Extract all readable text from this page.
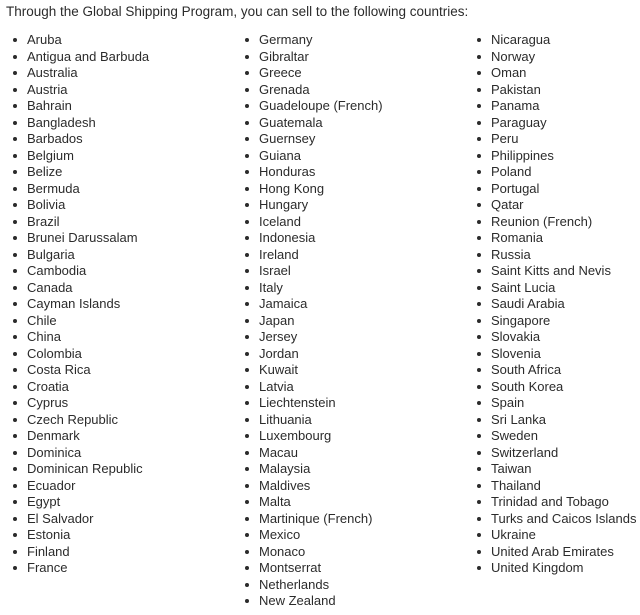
Through the Global Shipping Program, you can sell to the following countries:

Aruba
Antigua and Barbuda
Australia
Austria
Bahrain
Bangladesh
Barbados
Belgium
Belize
Bermuda
Bolivia
Brazil
Brunei Darussalam
Bulgaria
Cambodia
Canada
Cayman Islands
Chile
China
Colombia
Costa Rica
Croatia
Cyprus
Czech Republic
Denmark
Dominica
Dominican Republic
Ecuador
Egypt
El Salvador
Estonia
Finland
France
Germany
Gibraltar
Greece
Grenada
Guadeloupe (French)
Guatemala
Guernsey
Guiana
Honduras
Hong Kong
Hungary
Iceland
Indonesia
Ireland
Israel
Italy
Jamaica
Japan
Jersey
Jordan
Kuwait
Latvia
Liechtenstein
Lithuania
Luxembourg
Macau
Malaysia
Maldives
Malta
Martinique (French)
Mexico
Monaco
Montserrat
Netherlands
New Zealand
Nicaragua
Norway
Oman
Pakistan
Panama
Paraguay
Peru
Philippines
Poland
Portugal
Qatar
Reunion (French)
Romania
Russia
Saint Kitts and Nevis
Saint Lucia
Saudi Arabia
Singapore
Slovakia
Slovenia
South Africa
South Korea
Spain
Sri Lanka
Sweden
Switzerland
Taiwan
Thailand
Trinidad and Tobago
Turks and Caicos Islands
Ukraine
United Arab Emirates
United Kingdom
